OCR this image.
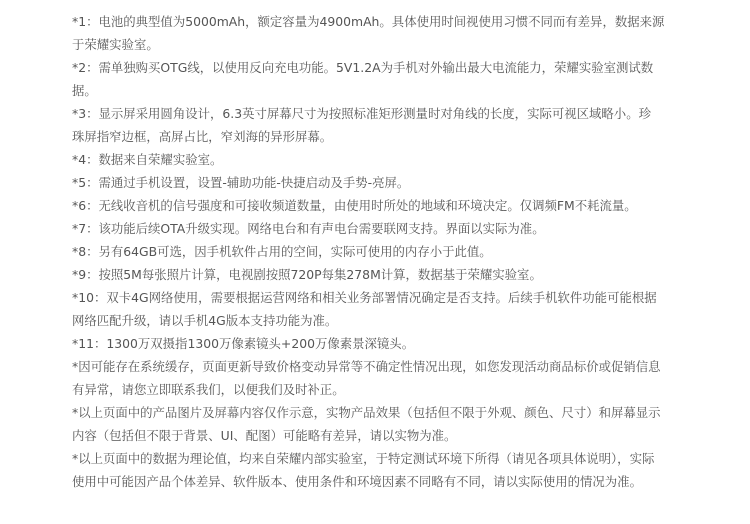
*1：电池的典型值为5000mAh，额定容量为4900mAh。具体使用时间视使用习惯不同而有差异，数据来源
于荣耀实验室。

*2：需单独购买OTG线，以使用反向充电功能。5V1.2A为手机对外输出最大电流能力，荣耀实验室测试数
据。

*3：显示屏采用圆角设计，6.3英寸屏幕尺寸为按照标准矩形测量时对角线的长度，实际可视区域略小。珍
珠屏指窄边框，高屏占比，窄刘海的异形屏幕。

*4：数据来自荣耀实验室。

*5：需通过手机设置，设置-辅助功能-快捷启动及手势-亮屏。

*6：无线收音机的信号强度和可接收频道数量，由使用时所处的地域和环境决定。仅调频FM不耗流量。

*7：该功能后续OTA升级实现。网络电台和有声电台需要联网支持。界面以实际为准。

*8：另有64GB可选，因手机软件占用的空间，实际可使用的内存小于此值。

*9：按照5M每张照片计算，电视剧按照720P每集278M计算，数据基于荣耀实验室。

*10：双卡4G网络使用，需要根据运营网络和相关业务部署情况确定是否支持。后续手机软件功能可能根据
网络匹配升级，请以手机4G版本支持功能为准。

*11：1300万双摄指1300万像素镜头+200万像素景深镜头。

*因可能存在系统缓存，页面更新导致价格变动异常等不确定性情况出现，如您发现活动商品标价或促销信息
有异常，请您立即联系我们，以便我们及时补正。

*以上页面中的产品图片及屏幕内容仅作示意，实物产品效果（包括但不限于外观、颜色、尺寸）和屏幕显示
内容（包括但不限于背景、UI、配图）可能略有差异，请以实物为准。

*以上页面中的数据为理论值，均来自荣耀内部实验室，于特定测试环境下所得（请见各项具体说明），实际
使用中可能因产品个体差异、软件版本、使用条件和环境因素不同略有不同，请以实际使用的情况为准。
